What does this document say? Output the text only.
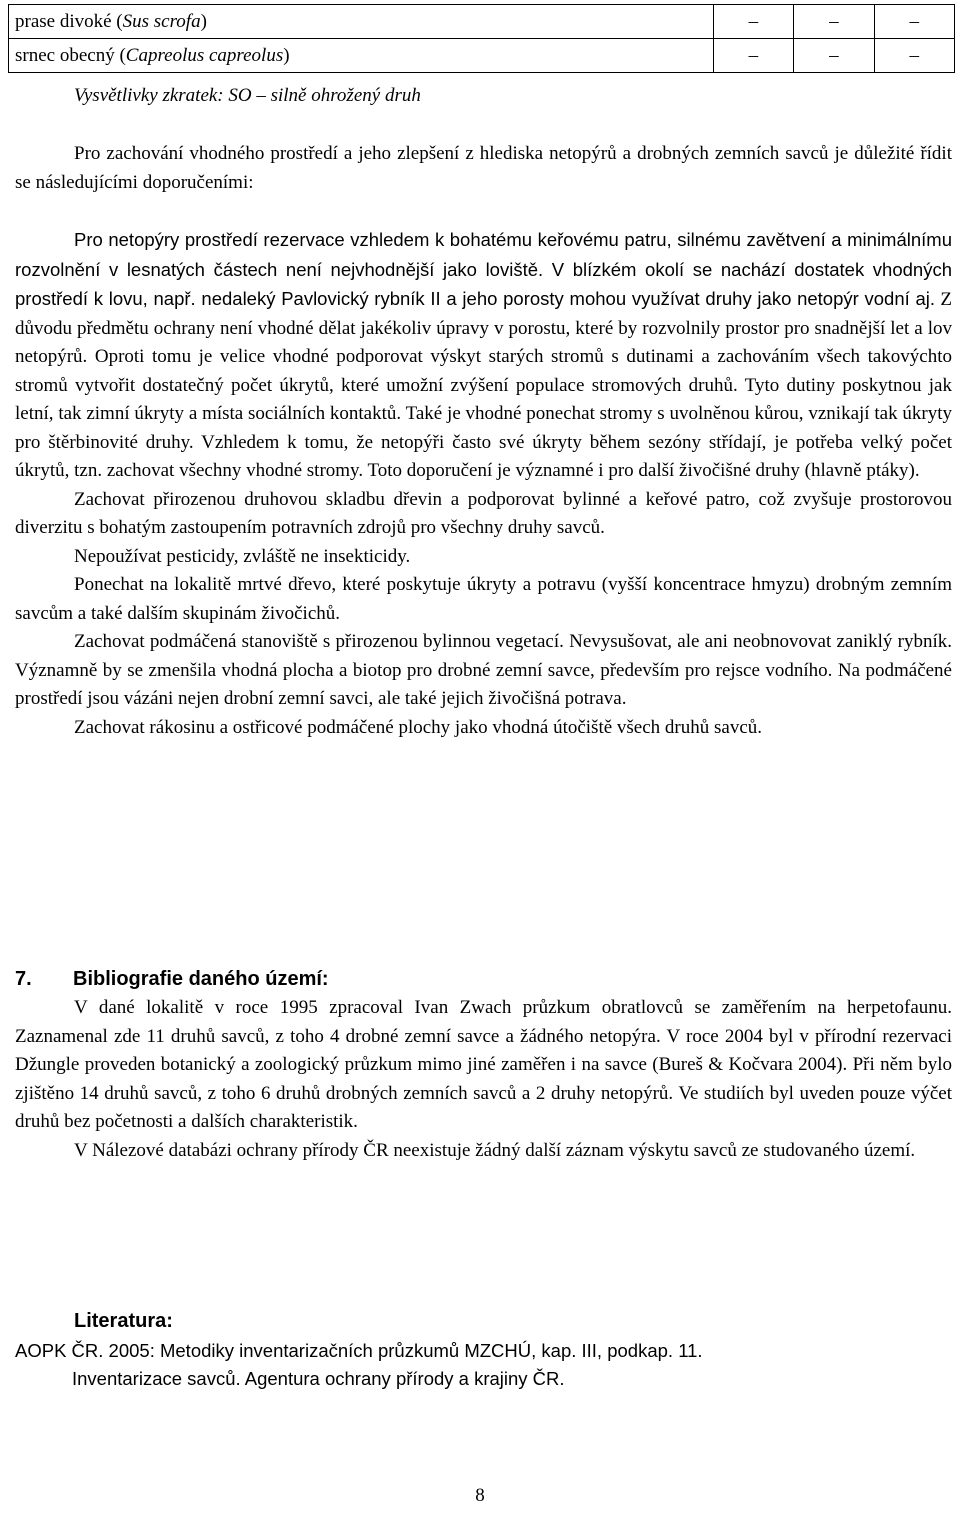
prase divoké (Sus scrofa)	–	–	–
srnec obecný (Capreolus capreolus)	–	–	–
Vysvětlivky zkratek: SO – silně ohrožený druh

Pro zachování vhodného prostředí a jeho zlepšení z hlediska netopýrů a drobných zemních savců je důležité řídit se následujícími doporučeními:

Pro netopýry prostředí rezervace vzhledem k bohatému keřovému patru, silnému zavětvení a minimálnímu rozvolnění v lesnatých částech není nejvhodnější jako loviště. V blízkém okolí se nachází dostatek vhodných prostředí k lovu, např. nedaleký Pavlovický rybník II a jeho porosty mohou využívat druhy jako netopýr vodní aj. Z důvodu předmětu ochrany není vhodné dělat jakékoliv úpravy v porostu, které by rozvolnily prostor pro snadnější let a lov netopýrů. Oproti tomu je velice vhodné podporovat výskyt starých stromů s dutinami a zachováním všech takovýchto stromů vytvořit dostatečný počet úkrytů, které umožní zvýšení populace stromových druhů. Tyto dutiny poskytnou jak letní, tak zimní úkryty a místa sociálních kontaktů. Také je vhodné ponechat stromy s uvolněnou kůrou, vznikají tak úkryty pro štěrbinovité druhy. Vzhledem k tomu, že netopýři často své úkryty během sezóny střídají, je potřeba velký počet úkrytů, tzn. zachovat všechny vhodné stromy. Toto doporučení je významné i pro další živočišné druhy (hlavně ptáky).

Zachovat přirozenou druhovou skladbu dřevin a podporovat bylinné a keřové patro, což zvyšuje prostorovou diverzitu s bohatým zastoupením potravních zdrojů pro všechny druhy savců.

Nepoužívat pesticidy, zvláště ne insekticidy.

Ponechat na lokalitě mrtvé dřevo, které poskytuje úkryty a potravu (vyšší koncentrace hmyzu) drobným zemním savcům a také dalším skupinám živočichů.

Zachovat podmáčená stanoviště s přirozenou bylinnou vegetací. Nevysušovat, ale ani neobnovovat zaniklý rybník. Významně by se zmenšila vhodná plocha a biotop pro drobné zemní savce, především pro rejsce vodního. Na podmáčené prostředí jsou vázáni nejen drobní zemní savci, ale také jejich živočišná potrava.

Zachovat rákosinu a ostřicové podmáčené plochy jako vhodná útočiště všech druhů savců.

7. Bibliografie daného území:

V dané lokalitě v roce 1995 zpracoval Ivan Zwach průzkum obratlovců se zaměřením na herpetofaunu. Zaznamenal zde 11 druhů savců, z toho 4 drobné zemní savce a žádného netopýra. V roce 2004 byl v přírodní rezervaci Džungle proveden botanický a zoologický průzkum mimo jiné zaměřen i na savce (Bureš & Kočvara 2004). Při něm bylo zjištěno 14 druhů savců, z toho 6 druhů drobných zemních savců a 2 druhy netopýrů. Ve studiích byl uveden pouze výčet druhů bez početnosti a dalších charakteristik.

V Nálezové databázi ochrany přírody ČR neexistuje žádný další záznam výskytu savců ze studovaného území.

Literatura:
AOPK ČR. 2005: Metodiky inventarizačních průzkumů MZCHÚ, kap. III, podkap. 11.
Inventarizace savců. Agentura ochrany přírody a krajiny ČR.
8
